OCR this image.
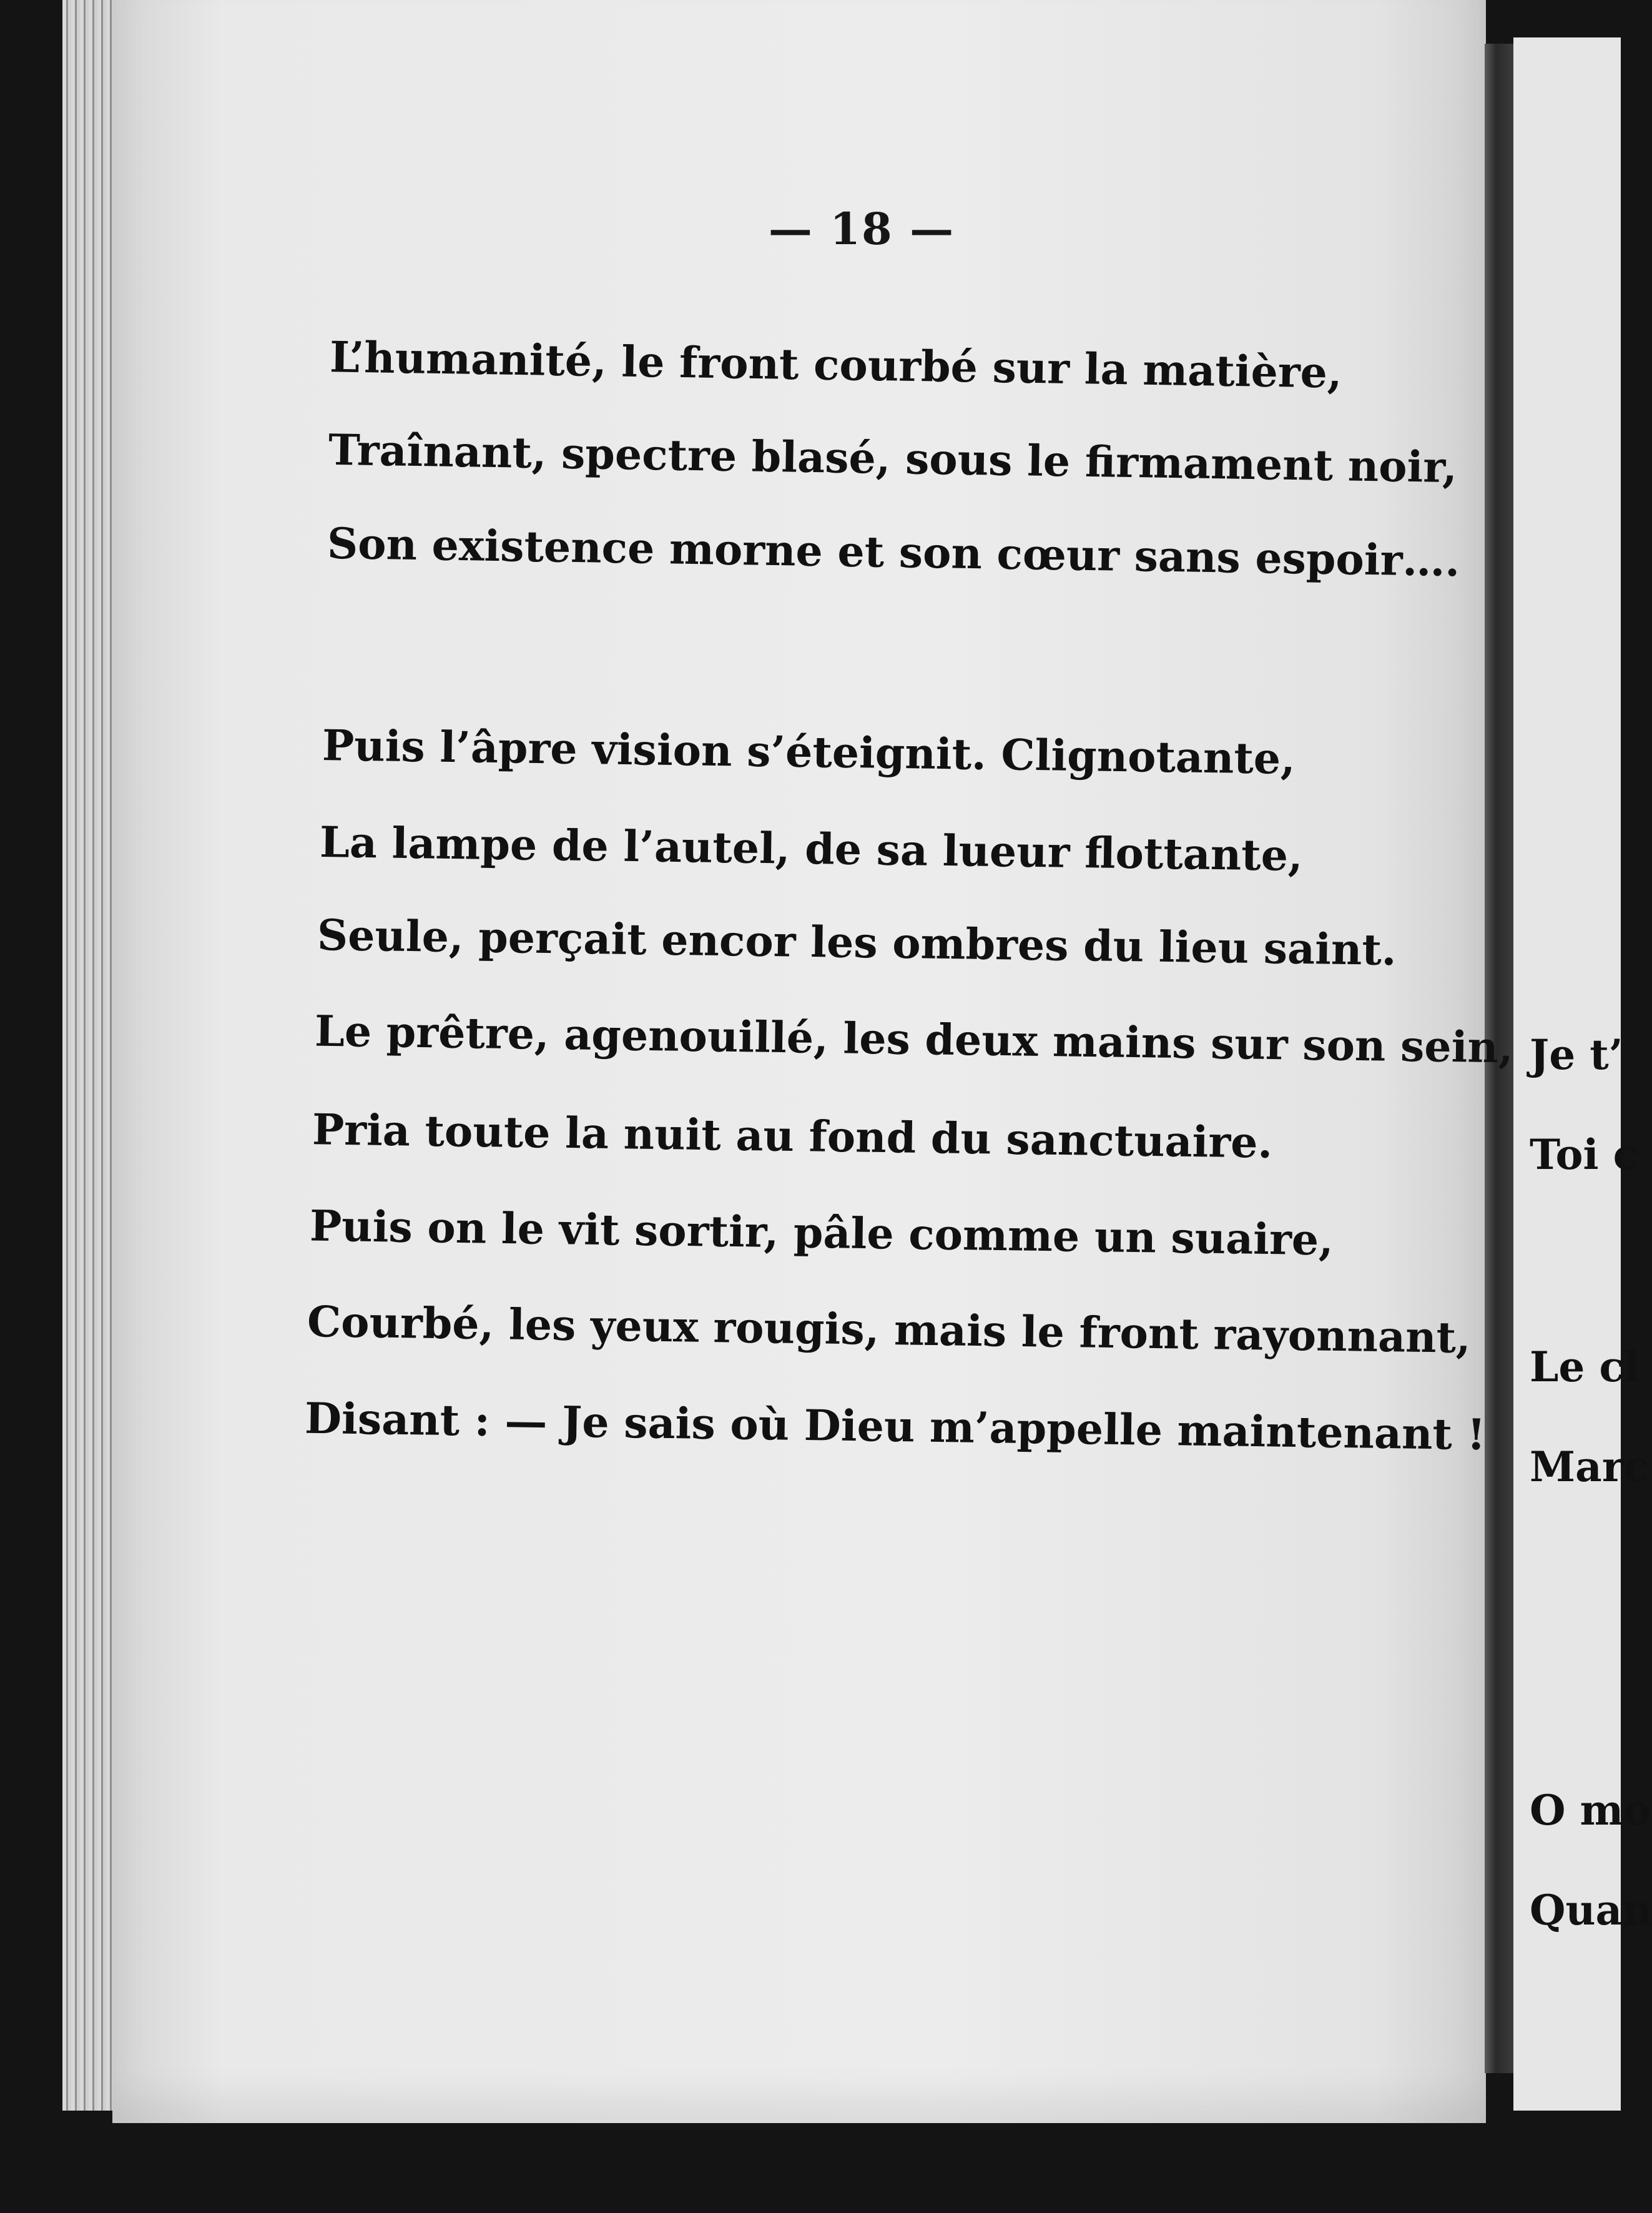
— 18 —

L’humanité, le front courbé sur la matière,

Traînant, spectre blasé, sous le firmament noir,

Son existence morne et son cœur sans espoir….

Puis l’âpre vision s’éteignit. Clignotante,

La lampe de l’autel, de sa lueur flottante,

Seule, perçait encor les ombres du lieu saint.

Le prêtre, agenouillé, les deux mains sur son sein,

Pria toute la nuit au fond du sanctuaire.

Puis on le vit sortir, pâle comme un suaire,

Courbé, les yeux rougis, mais le front rayonnant,

Disant : — Je sais où Dieu m’appelle maintenant !

Je t’
Toi c
Le cl
Marc
O mo
Quan
